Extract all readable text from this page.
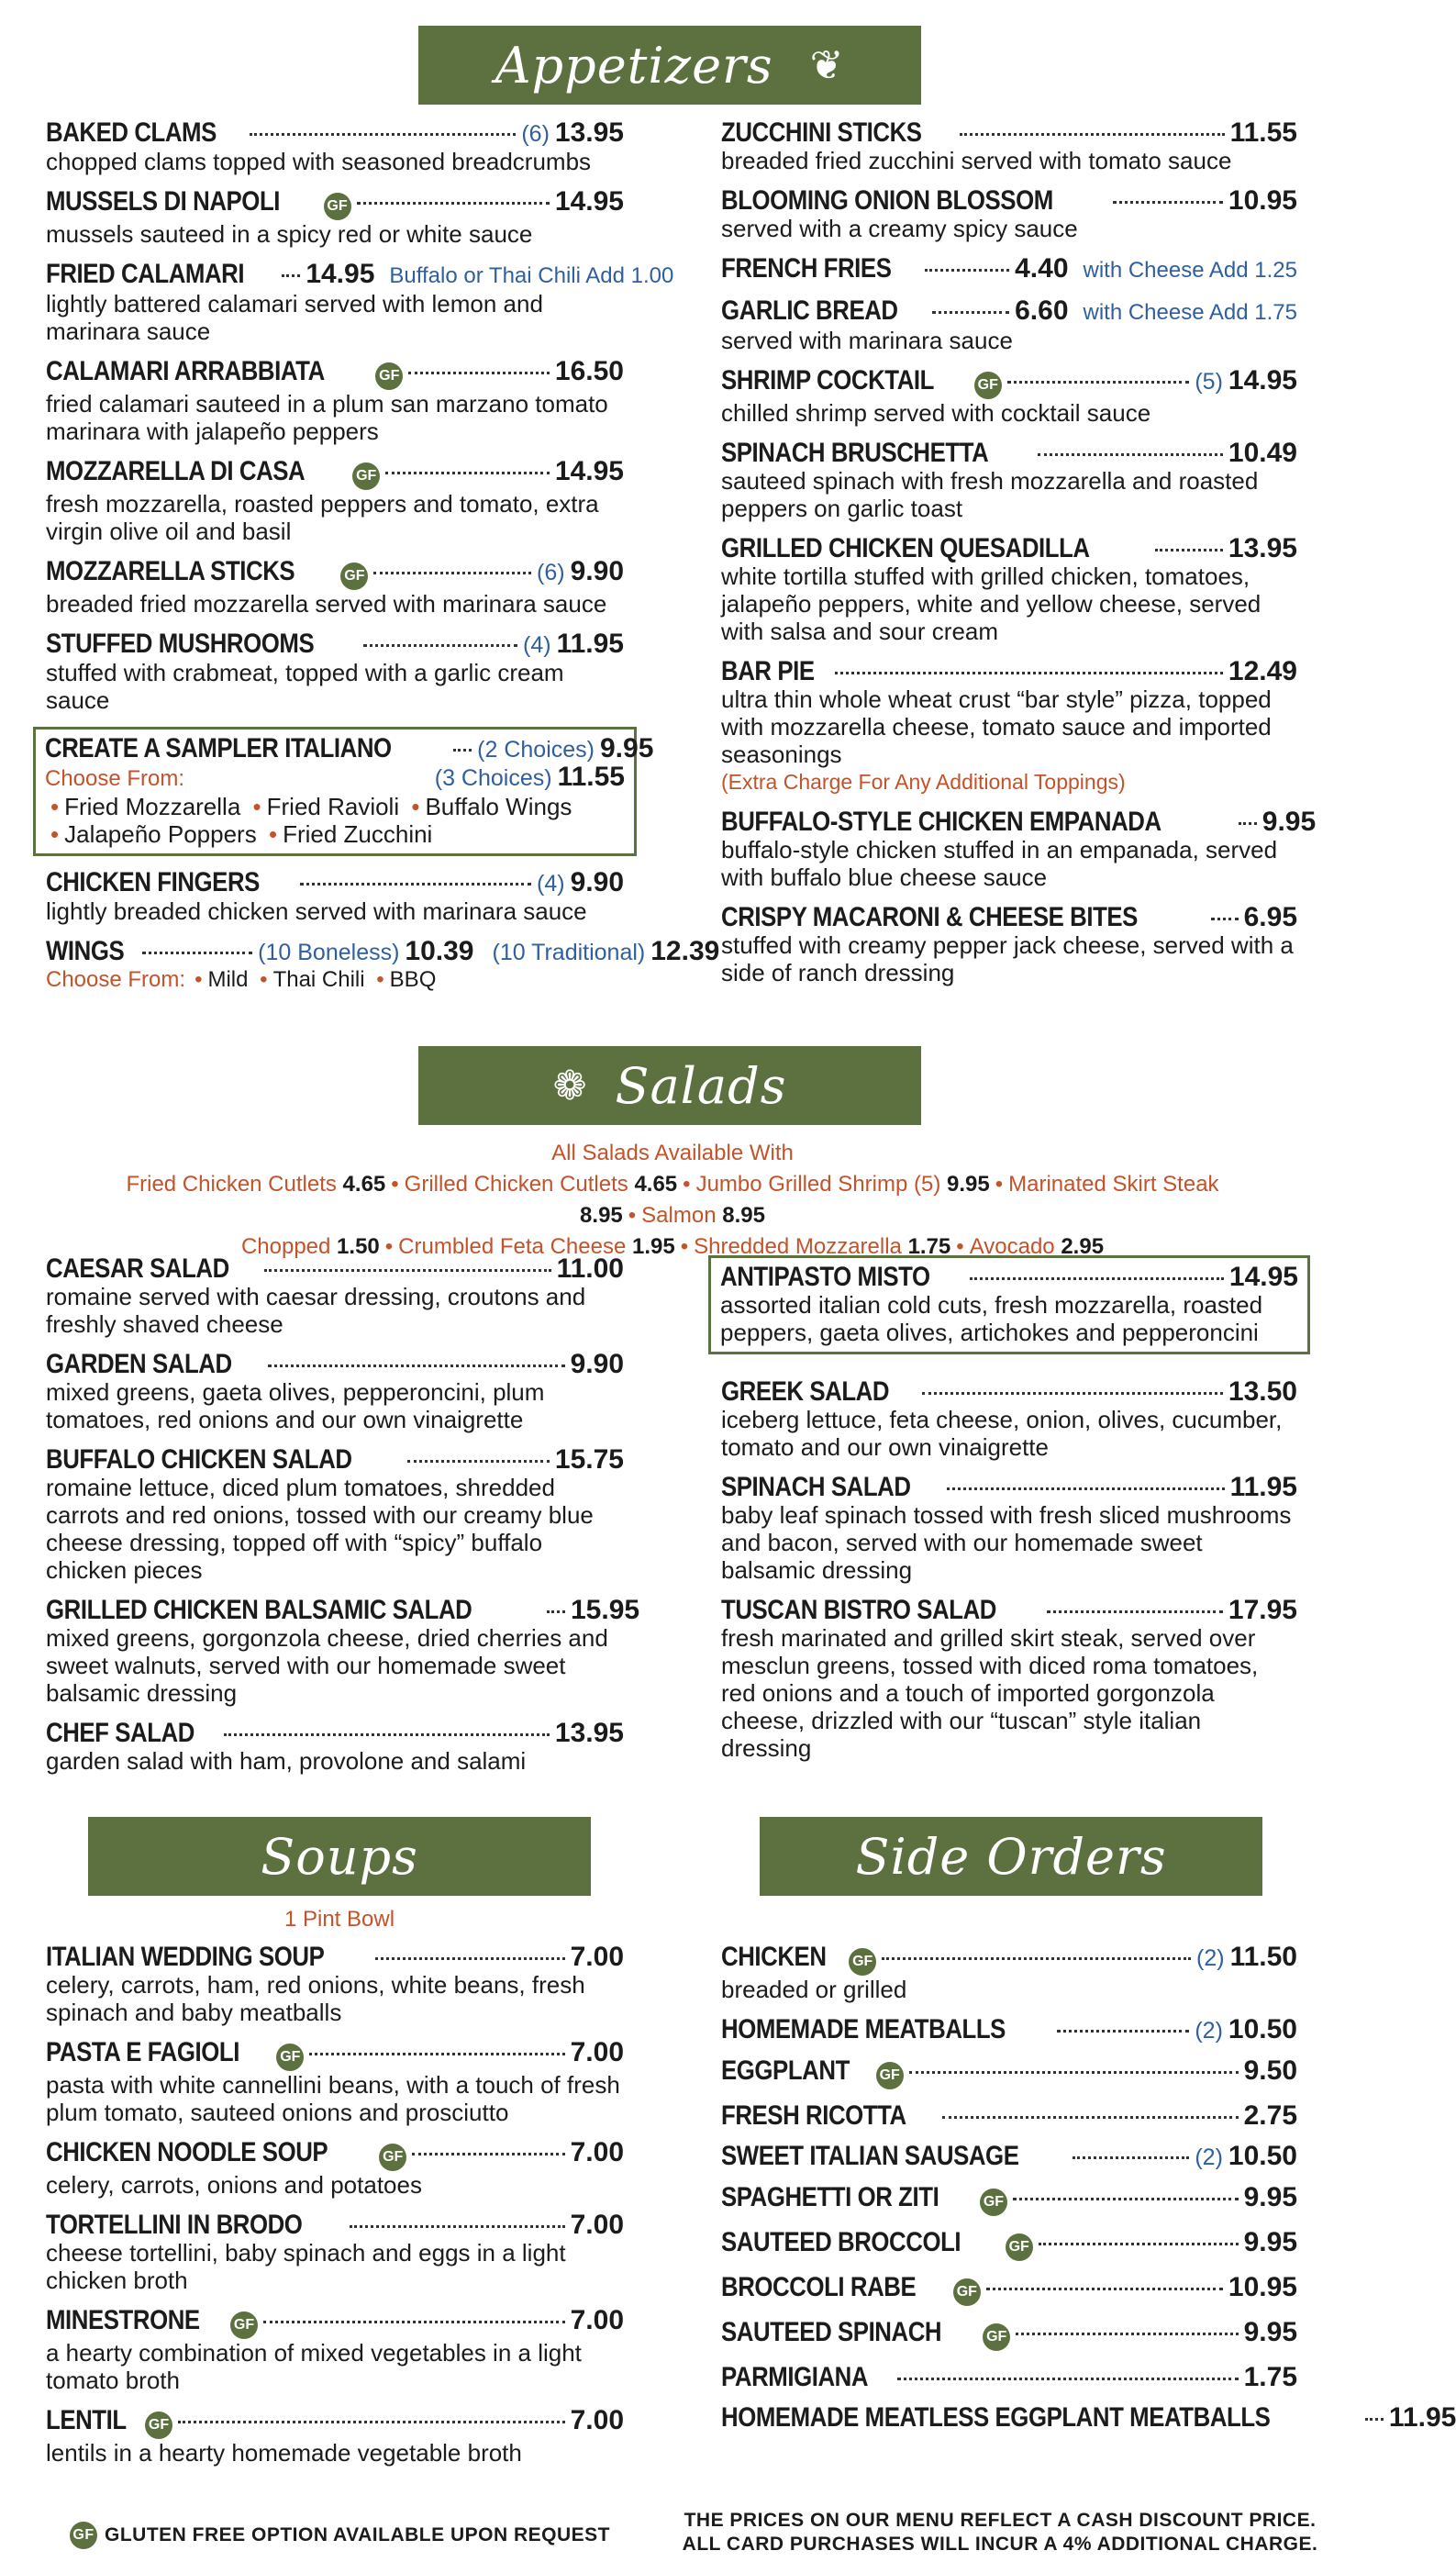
Appetizers ❦
❁ Salads
Soups	Side Orders
BAKED CLAMS	(6) 13.95
chopped clams topped with seasoned breadcrumbs
MUSSELS DI NAPOLI	GF	14.95
mussels sauteed in a spicy red or white sauce
FRIED CALAMARI 14.95 Buffalo or Thai Chili Add 1.00
lightly battered calamari served with lemon and marinara sauce
CALAMARI ARRABBIATA	GF	16.50
fried calamari sauteed in a plum san marzano tomato marinara with jalapeño peppers
MOZZARELLA DI CASA	GF	14.95
fresh mozzarella, roasted peppers and tomato, extra virgin olive oil and basil
MOZZARELLA STICKS	GF	(6) 9.90
breaded fried mozzarella served with marinara sauce
STUFFED MUSHROOMS	(4) 11.95
stuffed with crabmeat, topped with a garlic cream sauce
CREATE A SAMPLER ITALIANO	(2 Choices) 9.95
Choose From:	(3 Choices) 11.55
• Fried Mozzarella • Fried Ravioli • Buffalo Wings
• Jalapeño Poppers • Fried Zucchini
CHICKEN FINGERS	(4) 9.90
lightly breaded chicken served with marinara sauce
WINGS	(10 Boneless) 10.39 (10 Traditional) 12.39
Choose From: • Mild • Thai Chili • BBQ
ZUCCHINI STICKS	11.55
breaded fried zucchini served with tomato sauce
BLOOMING ONION BLOSSOM	10.95
served with a creamy spicy sauce
FRENCH FRIES	4.40 with Cheese Add 1.25
GARLIC BREAD	6.60 with Cheese Add 1.75
served with marinara sauce
SHRIMP COCKTAIL	GF	(5) 14.95
chilled shrimp served with cocktail sauce
SPINACH BRUSCHETTA	10.49
sauteed spinach with fresh mozzarella and roasted peppers on garlic toast
GRILLED CHICKEN QUESADILLA	13.95
white tortilla stuffed with grilled chicken, tomatoes, jalapeño peppers, white and yellow cheese, served with salsa and sour cream
BAR PIE	12.49
ultra thin whole wheat crust “bar style” pizza, topped with mozzarella cheese, tomato sauce and imported seasonings
(Extra Charge For Any Additional Toppings)
BUFFALO-STYLE CHICKEN EMPANADA	9.95
buffalo-style chicken stuffed in an empanada, served with buffalo blue cheese sauce
CRISPY MACARONI & CHEESE BITES	6.95
stuffed with creamy pepper jack cheese, served with a side of ranch dressing
All Salads Available With
Fried Chicken Cutlets 4.65 • Grilled Chicken Cutlets 4.65 • Jumbo Grilled Shrimp (5) 9.95 • Marinated Skirt Steak 8.95 • Salmon 8.95
Chopped 1.50 • Crumbled Feta Cheese 1.95 • Shredded Mozzarella 1.75 • Avocado 2.95
CAESAR SALAD	11.00
romaine served with caesar dressing, croutons and freshly shaved cheese
GARDEN SALAD	9.90
mixed greens, gaeta olives, pepperoncini, plum tomatoes, red onions and our own vinaigrette
BUFFALO CHICKEN SALAD	15.75
romaine lettuce, diced plum tomatoes, shredded carrots and red onions, tossed with our creamy blue cheese dressing, topped off with “spicy” buffalo chicken pieces
GRILLED CHICKEN BALSAMIC SALAD	15.95
mixed greens, gorgonzola cheese, dried cherries and sweet walnuts, served with our homemade sweet balsamic dressing
CHEF SALAD	13.95
garden salad with ham, provolone and salami
ANTIPASTO MISTO	14.95
assorted italian cold cuts, fresh mozzarella, roasted peppers, gaeta olives, artichokes and pepperoncini
GREEK SALAD	13.50
iceberg lettuce, feta cheese, onion, olives, cucumber, tomato and our own vinaigrette
SPINACH SALAD	11.95
baby leaf spinach tossed with fresh sliced mushrooms and bacon, served with our homemade sweet balsamic dressing
TUSCAN BISTRO SALAD	17.95
fresh marinated and grilled skirt steak, served over mesclun greens, tossed with diced roma tomatoes, red onions and a touch of imported gorgonzola cheese, drizzled with our “tuscan” style italian dressing
1 Pint Bowl
ITALIAN WEDDING SOUP	7.00
celery, carrots, ham, red onions, white beans, fresh spinach and baby meatballs
PASTA E FAGIOLI	GF	7.00
pasta with white cannellini beans, with a touch of fresh plum tomato, sauteed onions and prosciutto
CHICKEN NOODLE SOUP	GF	7.00
celery, carrots, onions and potatoes
TORTELLINI IN BRODO	7.00
cheese tortellini, baby spinach and eggs in a light chicken broth
MINESTRONE GF	7.00
a hearty combination of mixed vegetables in a light tomato broth
LENTIL GF	7.00
lentils in a hearty homemade vegetable broth
CHICKEN GF	(2) 11.50
breaded or grilled
HOMEMADE MEATBALLS	(2) 10.50
EGGPLANT GF	9.50
FRESH RICOTTA	2.75
SWEET ITALIAN SAUSAGE	(2) 10.50
SPAGHETTI OR ZITI	GF	9.95
SAUTEED BROCCOLI	GF	9.95
BROCCOLI RABE	GF	10.95
SAUTEED SPINACH	GF	9.95
PARMIGIANA	1.75
HOMEMADE MEATLESS EGGPLANT MEATBALLS	11.95
GF GLUTEN FREE OPTION AVAILABLE UPON REQUEST
THE PRICES ON OUR MENU REFLECT A CASH DISCOUNT PRICE.
ALL CARD PURCHASES WILL INCUR A 4% ADDITIONAL CHARGE.
